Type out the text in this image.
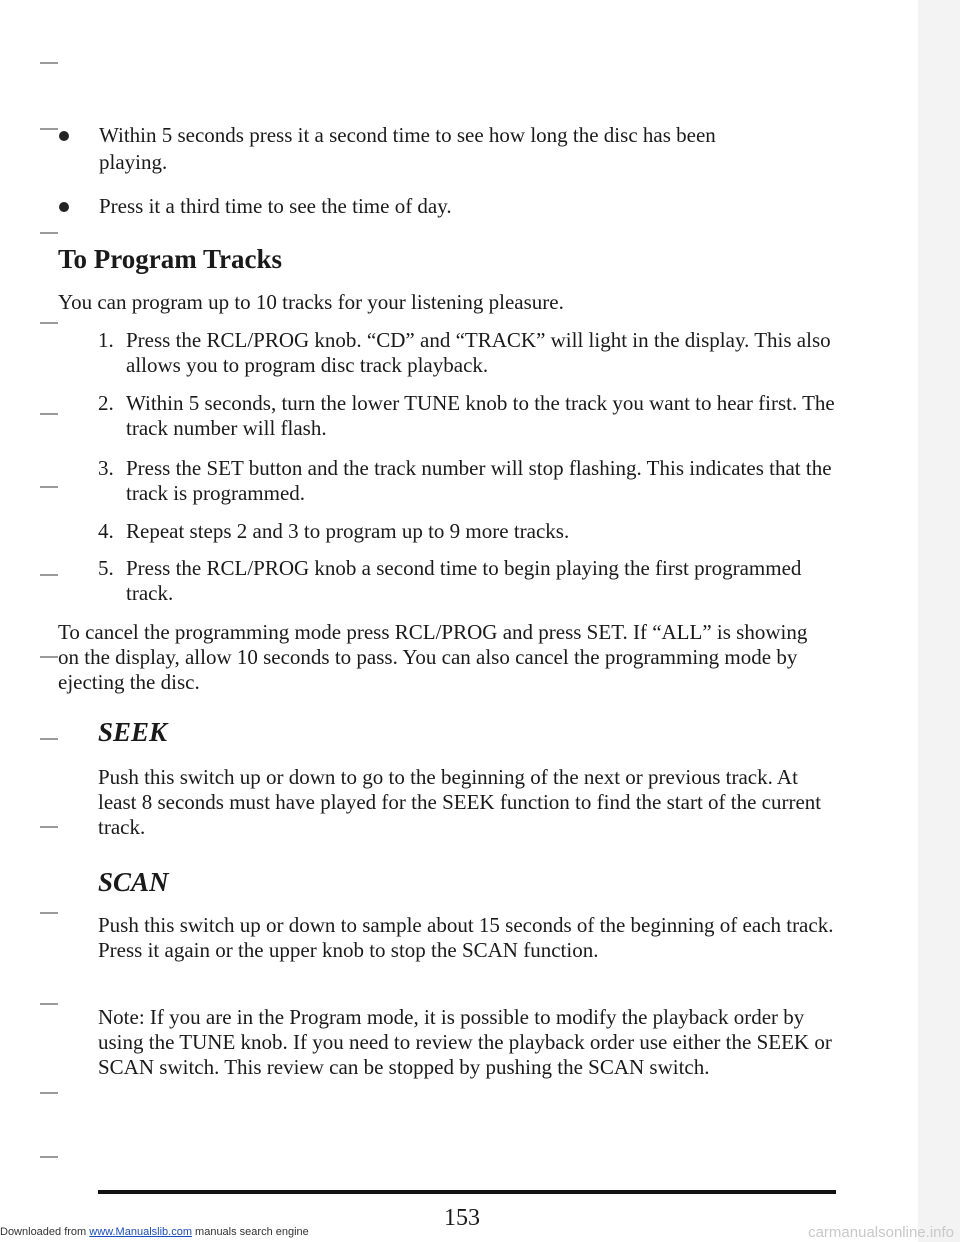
Within 5 seconds press it a second time to see how long the disc has been playing.
Press it a third time to see the time of day.
To Program Tracks
You can program up to 10 tracks for your listening pleasure.
1. Press the RCL/PROG knob. “CD” and “TRACK” will light in the display. This also allows you to program disc track playback.
2. Within 5 seconds, turn the lower TUNE knob to the track you want to hear first. The track number will flash.
3. Press the SET button and the track number will stop flashing. This indicates that the track is programmed.
4. Repeat steps 2 and 3 to program up to 9 more tracks.
5. Press the RCL/PROG knob a second time to begin playing the first programmed track.
To cancel the programming mode press RCL/PROG and press SET. If “ALL” is showing on the display, allow 10 seconds to pass. You can also cancel the programming mode by ejecting the disc.
SEEK
Push this switch up or down to go to the beginning of the next or previous track. At least 8 seconds must have played for the SEEK function to find the start of the current track.
SCAN
Push this switch up or down to sample about 15 seconds of the beginning of each track. Press it again or the upper knob to stop the SCAN function.
Note: If you are in the Program mode, it is possible to modify the playback order by using the TUNE knob. If you need to review the playback order use either the SEEK or SCAN switch. This review can be stopped by pushing the SCAN switch.
153
Downloaded from www.Manualslib.com manuals search engine	carmanualsonline.info
